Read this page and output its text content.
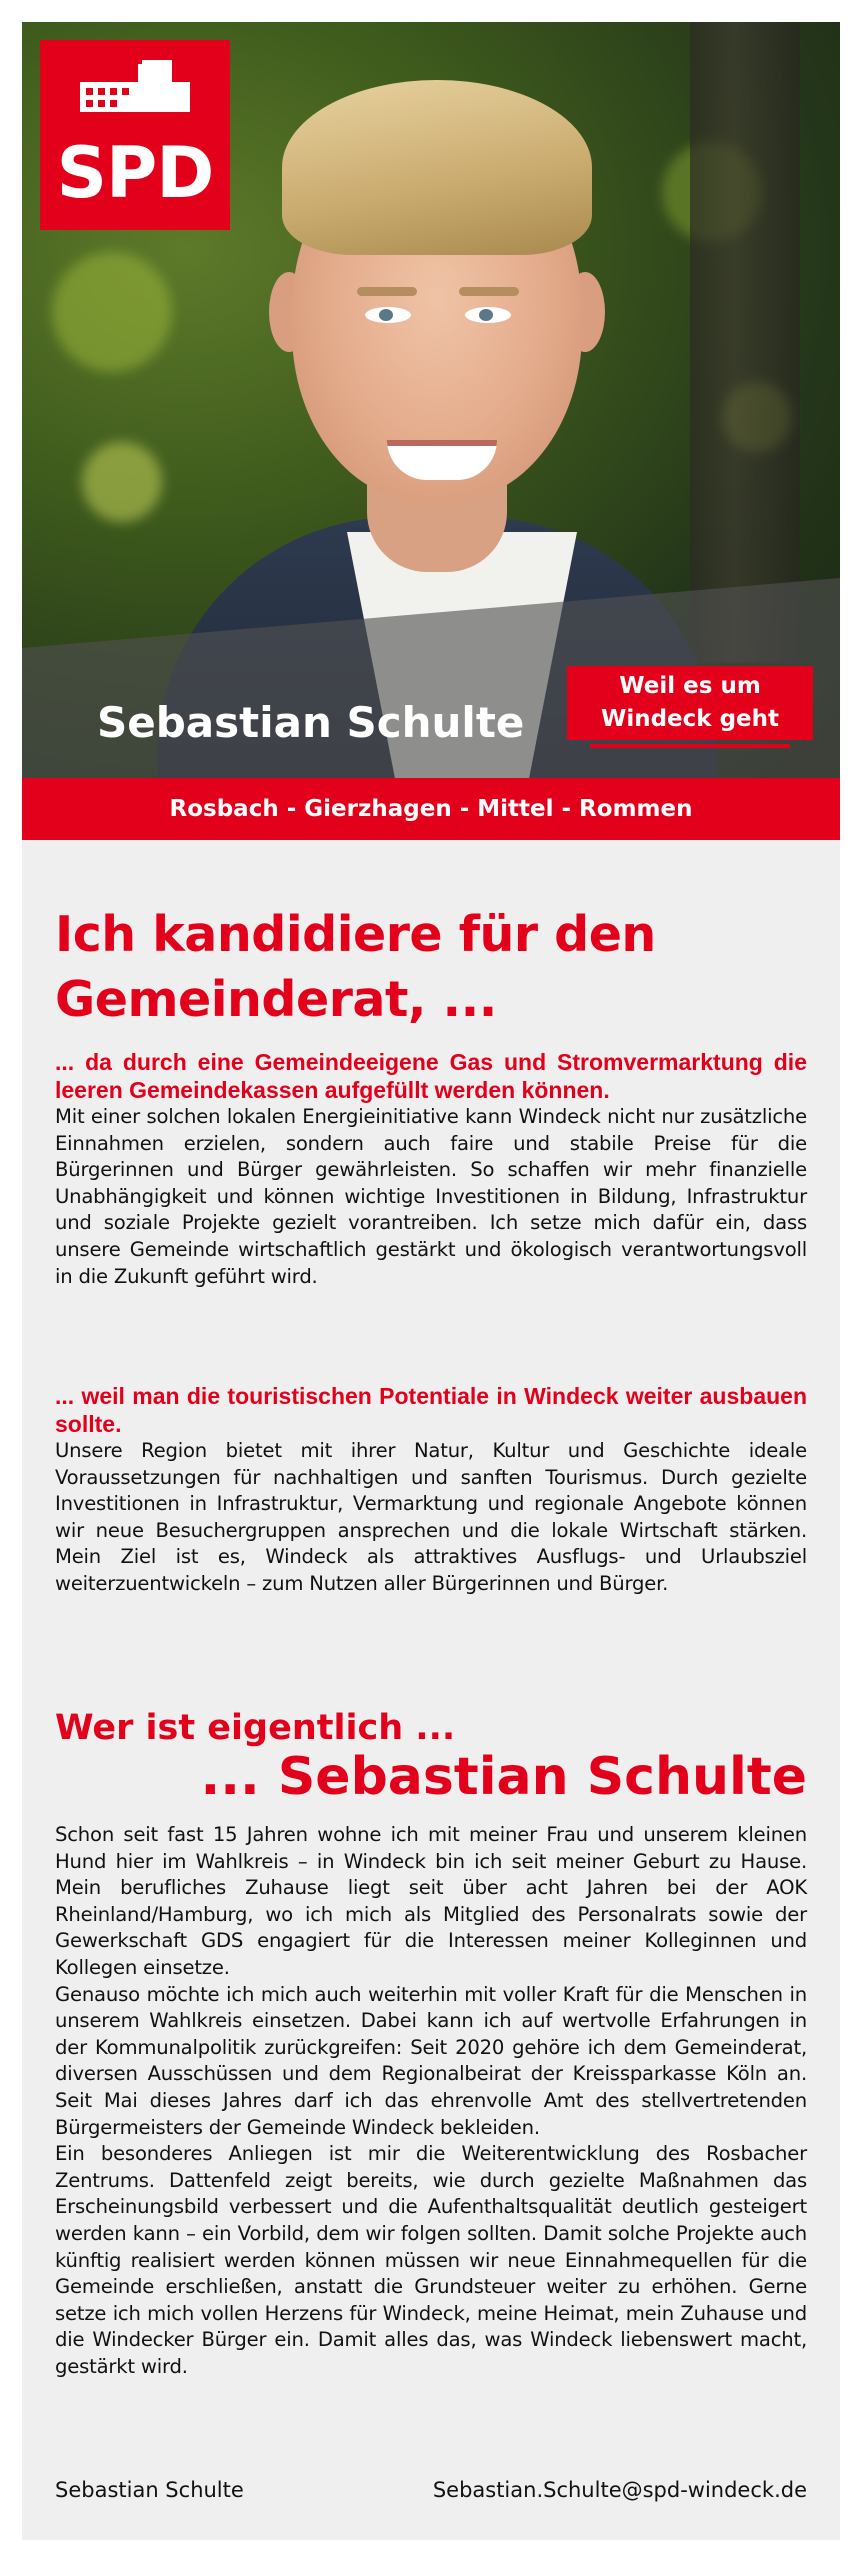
SPD
Sebastian Schulte
Weil es um Windeck geht
Rosbach - Gierzhagen - Mittel - Rommen
Ich kandidiere für den Gemeinderat, ...

... da durch eine Gemeindeeigene Gas und Stromvermarktung die leeren Gemeindekassen aufgefüllt werden können.

Mit einer solchen lokalen Energieinitiative kann Windeck nicht nur zusätzliche Einnahmen erzielen, sondern auch faire und stabile Preise für die Bürgerinnen und Bürger gewährleisten. So schaffen wir mehr finanzielle Unabhängigkeit und können wichtige Investitionen in Bildung, Infrastruktur und soziale Projekte gezielt vorantreiben. Ich setze mich dafür ein, dass unsere Gemeinde wirtschaftlich gestärkt und ökologisch verantwortungsvoll in die Zukunft geführt wird.

... weil man die touristischen Potentiale in Windeck weiter ausbauen sollte.

Unsere Region bietet mit ihrer Natur, Kultur und Geschichte ideale Voraussetzungen für nachhaltigen und sanften Tourismus. Durch gezielte Investitionen in Infrastruktur, Vermarktung und regionale Angebote können wir neue Besuchergruppen ansprechen und die lokale Wirtschaft stärken. Mein Ziel ist es, Windeck als attraktives Ausflugs- und Urlaubsziel weiterzuentwickeln – zum Nutzen aller Bürgerinnen und Bürger.

Wer ist eigentlich ...
... Sebastian Schulte

Schon seit fast 15 Jahren wohne ich mit meiner Frau und unserem kleinen Hund hier im Wahlkreis – in Windeck bin ich seit meiner Geburt zu Hause. Mein berufliches Zuhause liegt seit über acht Jahren bei der AOK Rheinland/Hamburg, wo ich mich als Mitglied des Personalrats sowie der Gewerkschaft GDS engagiert für die Interessen meiner Kolleginnen und Kollegen einsetze.

Genauso möchte ich mich auch weiterhin mit voller Kraft für die Menschen in unserem Wahlkreis einsetzen. Dabei kann ich auf wertvolle Erfahrungen in der Kommunalpolitik zurückgreifen: Seit 2020 gehöre ich dem Gemeinderat, diversen Ausschüssen und dem Regionalbeirat der Kreissparkasse Köln an. Seit Mai dieses Jahres darf ich das ehrenvolle Amt des stellvertretenden Bürgermeisters der Gemeinde Windeck bekleiden.

Ein besonderes Anliegen ist mir die Weiterentwicklung des Rosbacher Zentrums. Dattenfeld zeigt bereits, wie durch gezielte Maßnahmen das Erscheinungsbild verbessert und die Aufenthaltsqualität deutlich gesteigert werden kann – ein Vorbild, dem wir folgen sollten. Damit solche Projekte auch künftig realisiert werden können müssen wir neue Einnahmequellen für die Gemeinde erschließen, anstatt die Grundsteuer weiter zu erhöhen. Gerne setze ich mich vollen Herzens für Windeck, meine Heimat, mein Zuhause und die Windecker Bürger ein. Damit alles das, was Windeck liebenswert macht, gestärkt wird.

Sebastian Schulte	Sebastian.Schulte@spd-windeck.de
